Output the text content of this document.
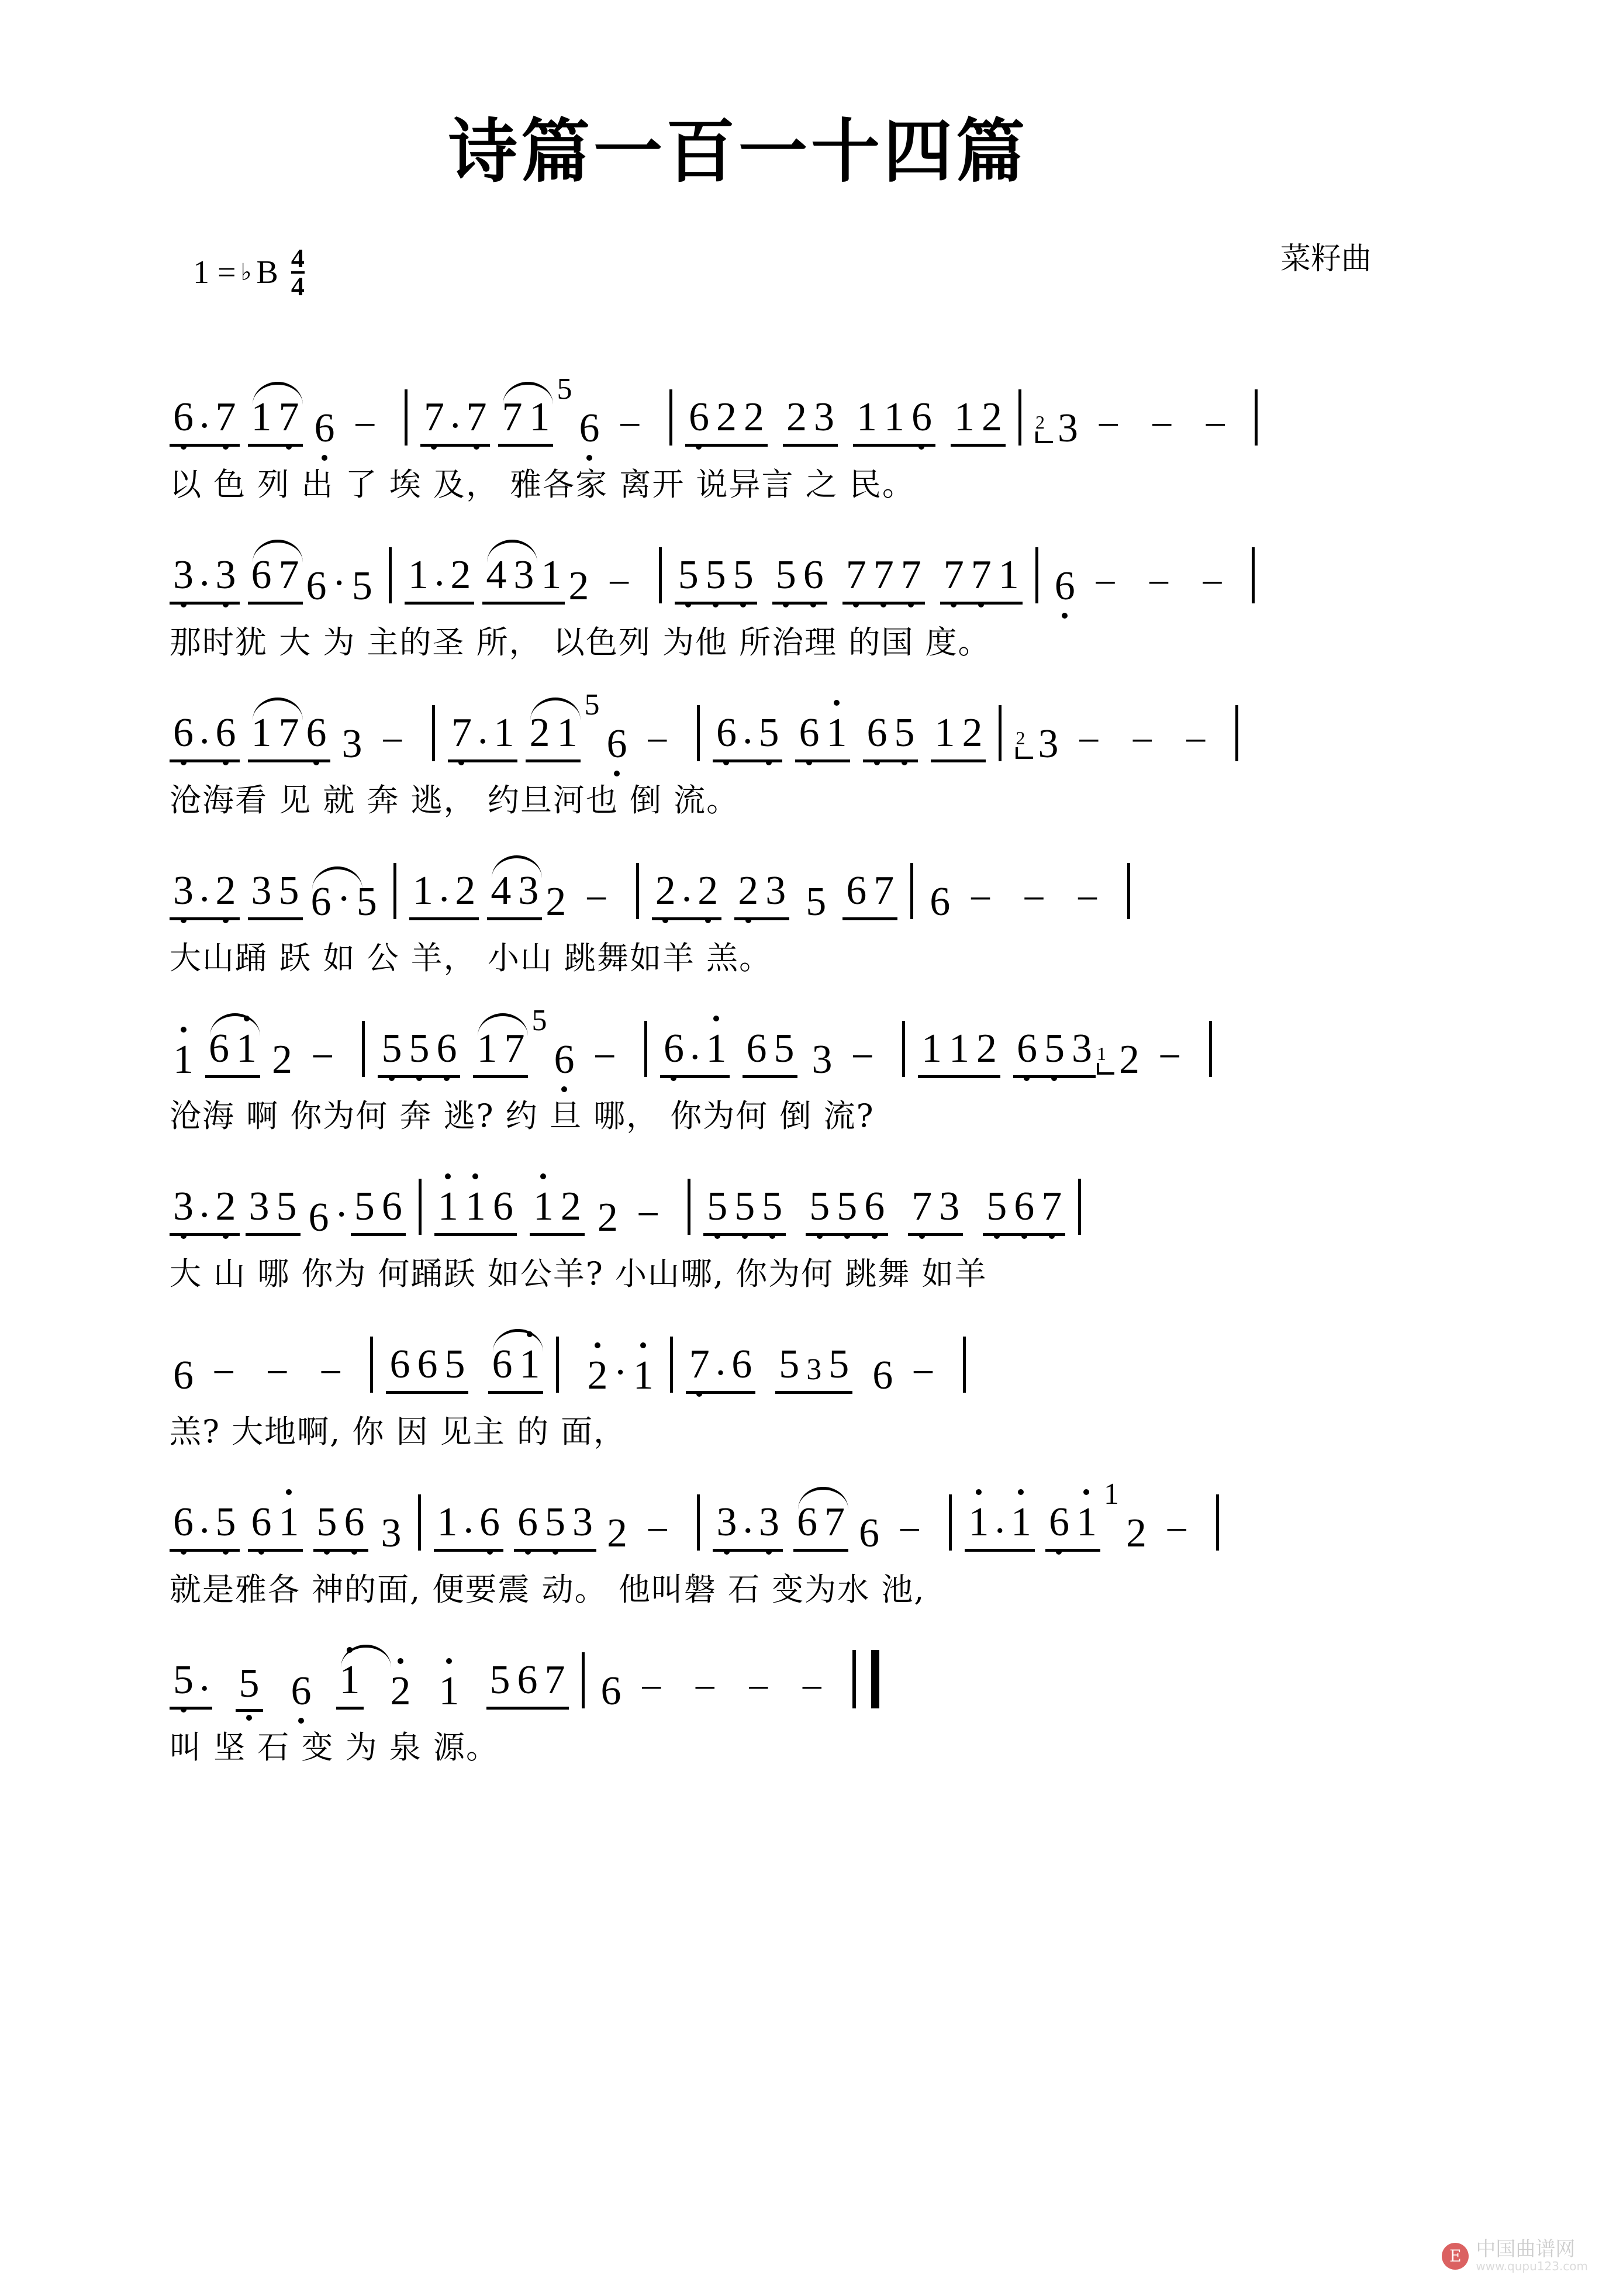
诗篇一百一十四篇
菜籽曲
1 = ♭ B $\frac{4}{4}$
6 . 7 1 7 6 −	7 . 7 7 1
5
6 −	6 2 2 2 3 1 1 6 1 2 2 3 − − −
以 色 列 出 了 埃 及， 雅各家 离开 说异言 之 民。
3 . 3 6 7 6 · 5 1 . 2 4 3 1 2 −	5 5 5 5 6 7 7 7 7 7 1 6 − − −
那时犹 大 为 主的圣 所， 以色列 为他 所治理 的国 度。
6 . 6 1 7 6 3 −	7 . 1 2 1
5
6 −	6 . 5 6 1 6 5 1 2 2 3 − − −
沧海看 见 就 奔 逃， 约旦河也 倒 流。
3 . 2 3 5 6 · 5 1 . 2 4 3 2 −	2 . 2 2 3 5 6 7 6 − − −
大山踊 跃 如 公 羊， 小山 跳舞如羊 羔。
1 6 1 2 −	5 5 6 1 7
5
6 −	6 . 1 6 5 3 −	1 1 2 6 5 3 1 2 −
沧海 啊 你为何 奔 逃? 约 旦 哪， 你为何 倒 流?
3 . 2 3 5 6 · 5 6 1 1 6 1 2 2 −	5 5 5 5 5 6 7 3 5 6 7
大 山 哪 你为 何踊跃 如公羊? 小山哪, 你为何 跳舞 如羊
6 − − −	6 6 5 6 1 2 · 1 7 . 6 5 3 5 6 −
羔? 大地啊, 你 因 见主 的 面，
6 . 5 6 1 5 6 3 1 . 6 6 5 3 2 −	3 . 3 6 7 6 −	1 . 1 6 1
1
2 −
就是雅各 神的面, 便要震 动。 他叫磐 石 变为水 池,
5 . 5 6 1 2 1 5 6 7 6 − − − −
叫 坚 石 变 为 泉 源。
E 中国曲谱网
www.qupu123.com
